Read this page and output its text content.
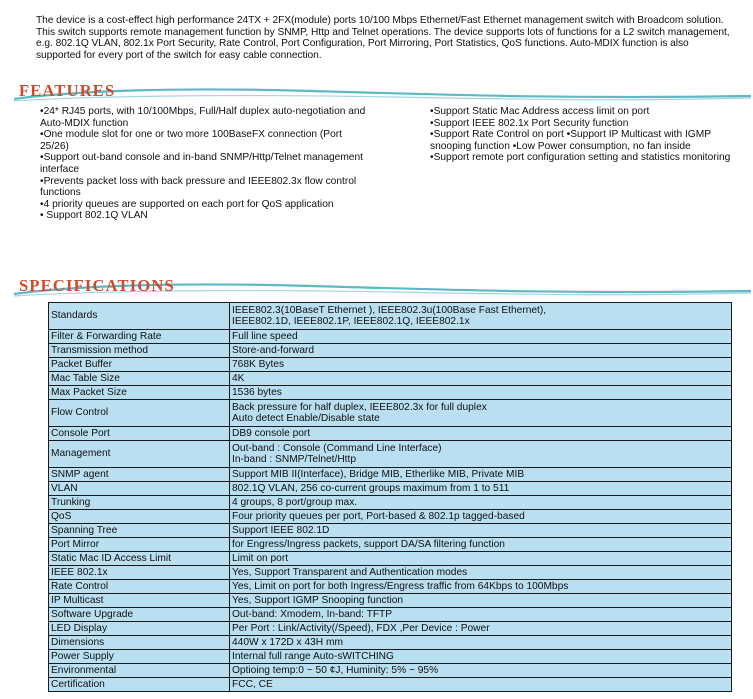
The device is a cost-effect high performance 24TX + 2FX(module) ports 10/100 Mbps Ethernet/Fast Ethernet management switch with Broadcom solution. This switch supports remote management function by SNMP, Http and Telnet operations. The device supports lots of functions for a L2 switch management, e.g. 802.1Q VLAN, 802.1x Port Security, Rate Control, Port Configuration, Port Mirroring, Port Statistics, QoS functions. Auto-MDIX function is also supported for every port of the switch for easy cable connection.

FEATURES

•24* RJ45 ports, with 10/100Mbps, Full/Half duplex auto-negotiation and Auto-MDIX function

•One module slot for one or two more 100BaseFX connection (Port 25/26)

•Support out-band console and in-band SNMP/Http/Telnet management interface

•Prevents packet loss with back pressure and IEEE802.3x flow control functions

•4 priority queues are supported on each port for QoS application

• Support 802.1Q VLAN

•Support Static Mac Address access limit on port

•Support IEEE 802.1x Port Security function

•Support Rate Control on port •Support IP Multicast with IGMP snooping function •Low Power consumption, no fan inside

•Support remote port configuration setting and statistics monitoring

SPECIFICATIONS
Standards	IEEE802.3(10BaseT Ethernet ), IEEE802.3u(100Base Fast Ethernet),
IEEE802.1D, IEEE802.1P, IEEE802.1Q, IEEE802.1x

Filter & Forwarding Rate	Full line speed

Transmission method	Store-and-forward

Packet Buffer	768K Bytes

Mac Table Size	4K

Max Packet Size	1536 bytes

Flow Control	Back pressure for half duplex, IEEE802.3x for full duplex
Auto detect Enable/Disable state

Console Port	DB9 console port

Management	Out-band : Console (Command Line Interface)
In-band : SNMP/Telnet/Http

SNMP agent	Support MIB II(Interface), Bridge MIB, Etherlike MIB, Private MIB

VLAN	802.1Q VLAN, 256 co-current groups maximum from 1 to 511

Trunking	4 groups, 8 port/group max.

QoS	Four priority queues per port, Port-based & 802.1p tagged-based

Spanning Tree	Support IEEE 802.1D

Port Mirror	for Engress/Ingress packets, support DA/SA filtering function

Static Mac ID Access Limit	Limit on port

IEEE 802.1x	Yes, Support Transparent and Authentication modes

Rate Control	Yes, Limit on port for both Ingress/Engress traffic from 64Kbps to 100Mbps

IP Multicast	Yes, Support IGMP Snooping function

Software Upgrade	Out-band: Xmodem, In-band: TFTP

LED Display	Per Port : Link/Activity(/Speed), FDX ,Per Device : Power

Dimensions	440W x 172D x 43H mm

Power Supply	Internal full range Auto-sWITCHING

Environmental	Optioing temp:0 ~ 50 ¢J, Huminity: 5% ~ 95%

Certification	FCC, CE
